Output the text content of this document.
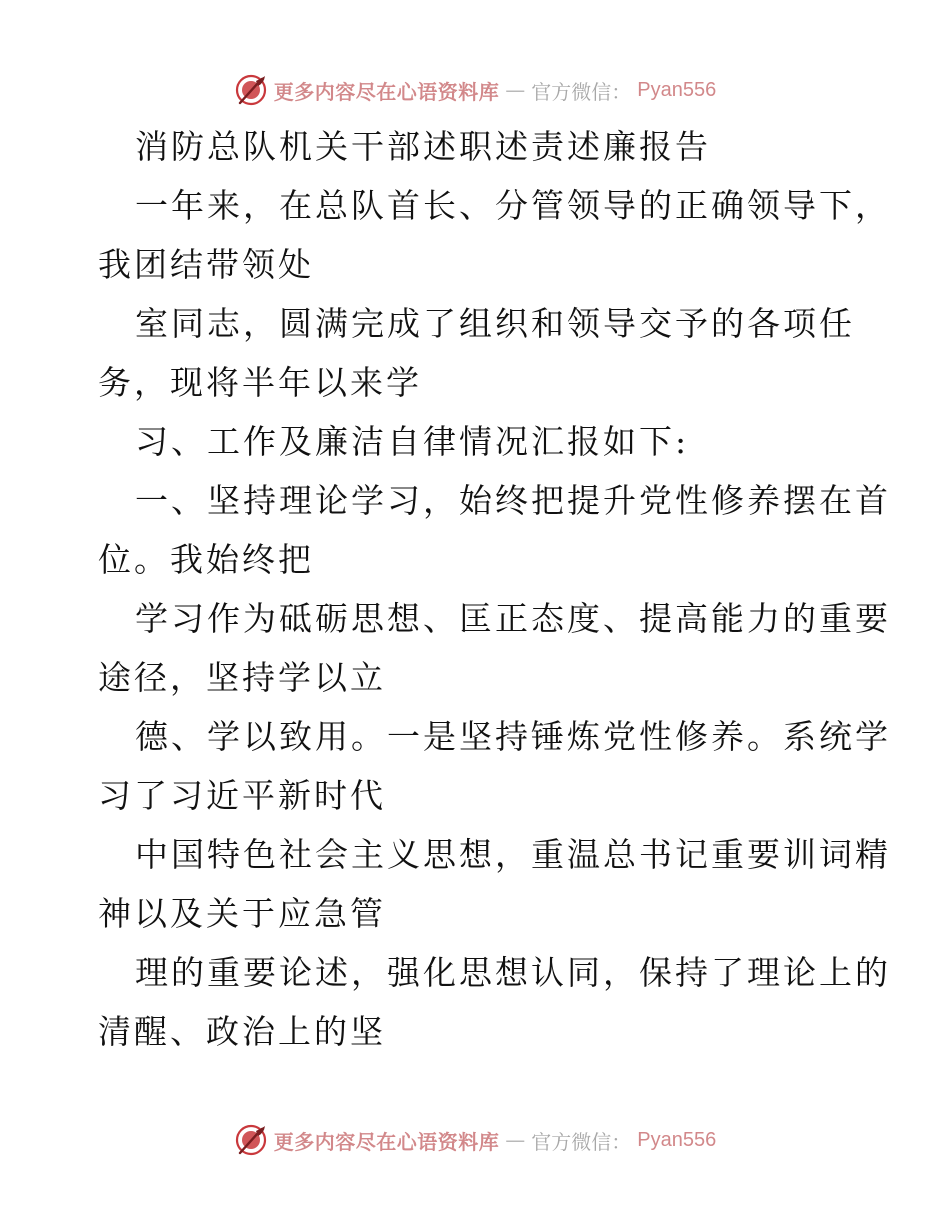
更多内容尽在心语资料库 — 官方微信： Pyan556
消防总队机关干部述职述责述廉报告
一年来，在总队首长、分管领导的正确领导下，
我团结带领处
室同志，圆满完成了组织和领导交予的各项任
务，现将半年以来学
习、工作及廉洁自律情况汇报如下:
一、坚持理论学习，始终把提升党性修养摆在首
位。我始终把
学习作为砥砺思想、匡正态度、提高能力的重要
途径，坚持学以立
德、学以致用。一是坚持锤炼党性修养。系统学
习了习近平新时代
中国特色社会主义思想，重温总书记重要训词精
神以及关于应急管
理的重要论述，强化思想认同，保持了理论上的
清醒、政治上的坚
更多内容尽在心语资料库 — 官方微信： Pyan556
